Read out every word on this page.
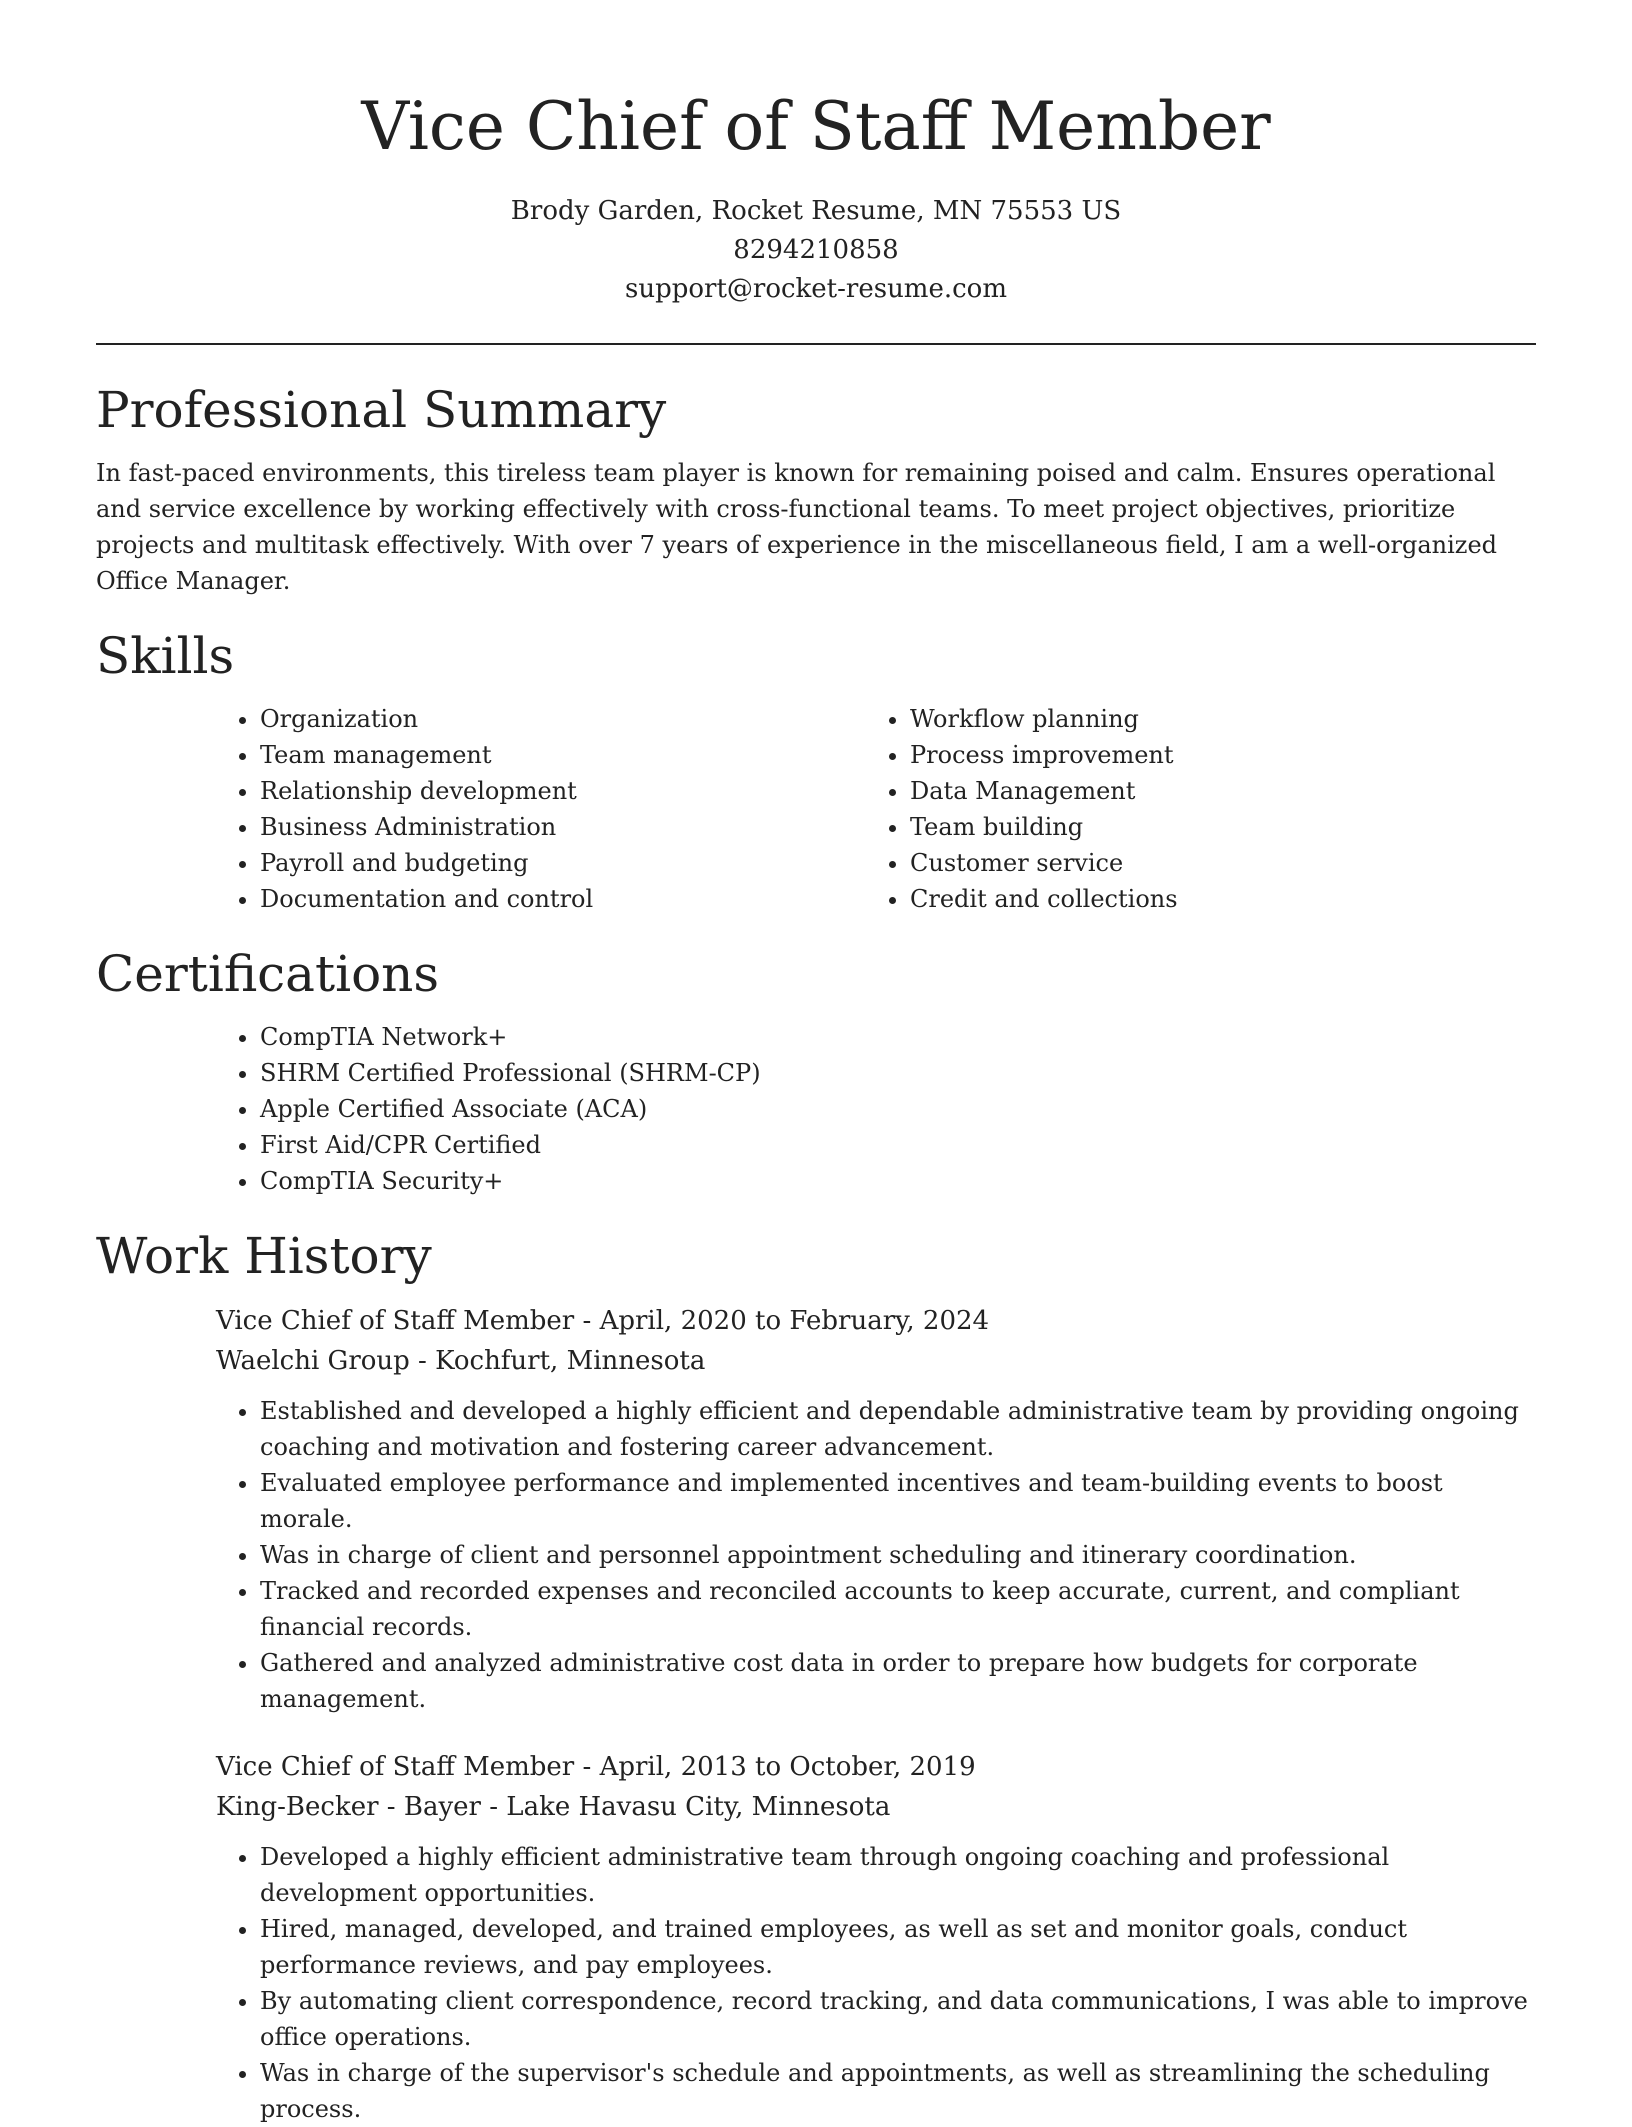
Vice Chief of Staff Member
Brody Garden, Rocket Resume, MN 75553 US
8294210858
support@rocket-resume.com
Professional Summary

In fast-paced environments, this tireless team player is known for remaining poised and calm. Ensures operational and service excellence by working effectively with cross-functional teams. To meet project objectives, prioritize projects and multitask effectively. With over 7 years of experience in the miscellaneous field, I am a well-organized Office Manager.

Skills
• Organization
• Team management
• Relationship development
• Business Administration
• Payroll and budgeting
• Documentation and control
• Workflow planning
• Process improvement
• Data Management
• Team building
• Customer service
• Credit and collections
Certifications
• CompTIA Network+
• SHRM Certified Professional (SHRM-CP)
• Apple Certified Associate (ACA)
• First Aid/CPR Certified
• CompTIA Security+
Work History
Vice Chief of Staff Member - April, 2020 to February, 2024
Waelchi Group - Kochfurt, Minnesota
• Established and developed a highly efficient and dependable administrative team by providing ongoing coaching and motivation and fostering career advancement.
• Evaluated employee performance and implemented incentives and team-building events to boost morale.
• Was in charge of client and personnel appointment scheduling and itinerary coordination.
• Tracked and recorded expenses and reconciled accounts to keep accurate, current, and compliant financial records.
• Gathered and analyzed administrative cost data in order to prepare how budgets for corporate management.
Vice Chief of Staff Member - April, 2013 to October, 2019
King-Becker - Bayer - Lake Havasu City, Minnesota
• Developed a highly efficient administrative team through ongoing coaching and professional development opportunities.
• Hired, managed, developed, and trained employees, as well as set and monitor goals, conduct performance reviews, and pay employees.
• By automating client correspondence, record tracking, and data communications, I was able to improve office operations.
• Was in charge of the supervisor's schedule and appointments, as well as streamlining the scheduling process.
